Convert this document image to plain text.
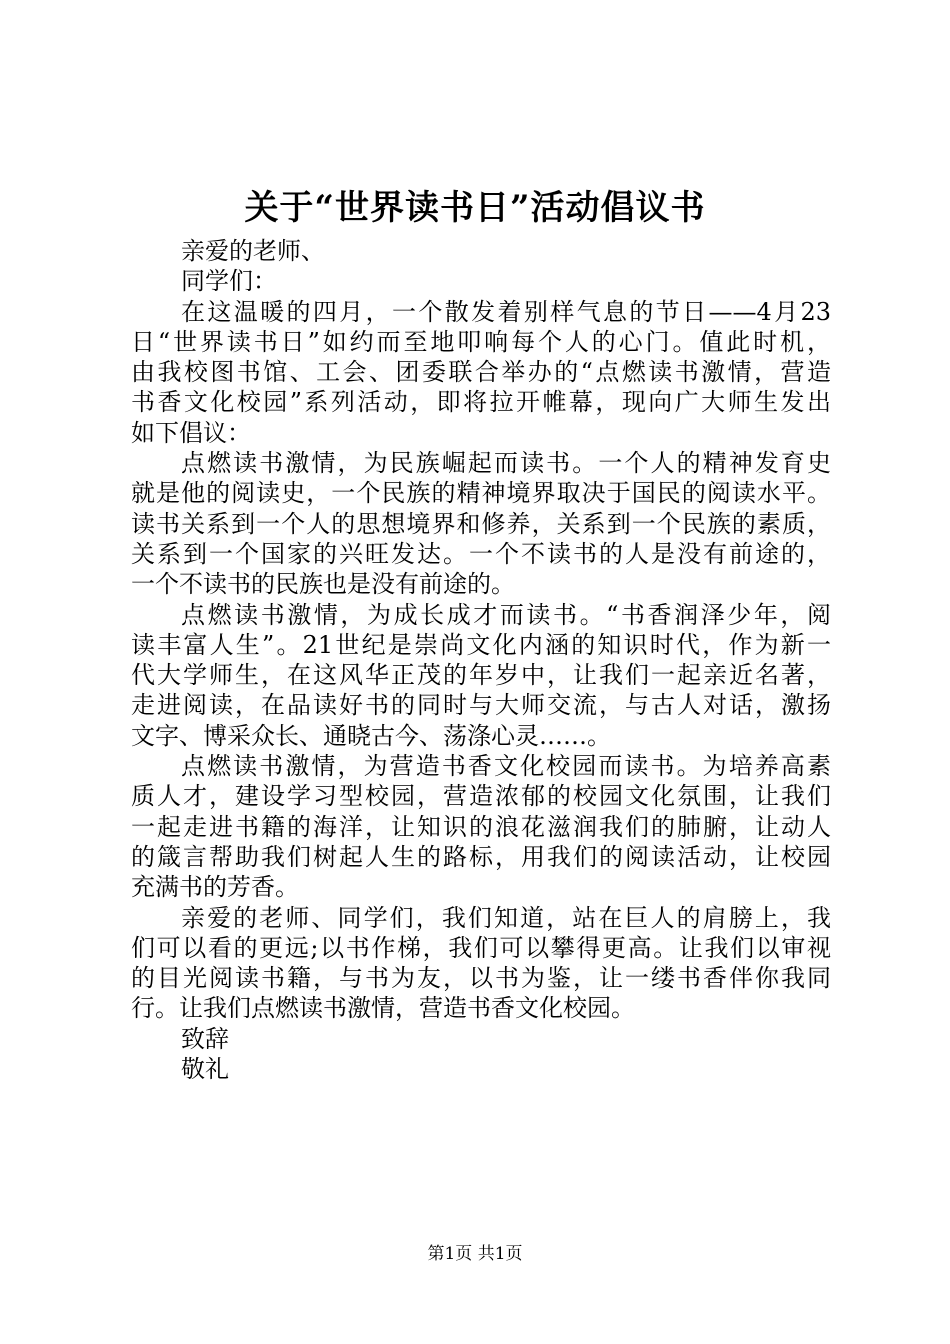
关于“世界读书日”活动倡议书
亲爱的老师、
同学们：
在这温暖的四月，一个散发着别样气息的节日——4月23
日“世界读书日”如约而至地叩响每个人的心门。值此时机，
由我校图书馆、工会、团委联合举办的“点燃读书激情，营造
书香文化校园”系列活动，即将拉开帷幕，现向广大师生发出
如下倡议：
点燃读书激情，为民族崛起而读书。一个人的精神发育史
就是他的阅读史，一个民族的精神境界取决于国民的阅读水平。
读书关系到一个人的思想境界和修养，关系到一个民族的素质，
关系到一个国家的兴旺发达。一个不读书的人是没有前途的，
一个不读书的民族也是没有前途的。
点燃读书激情，为成长成才而读书。“书香润泽少年，阅
读丰富人生”。21世纪是崇尚文化内涵的知识时代，作为新一
代大学师生，在这风华正茂的年岁中，让我们一起亲近名著，
走进阅读，在品读好书的同时与大师交流，与古人对话，激扬
文字、博采众长、通晓古今、荡涤心灵……。
点燃读书激情，为营造书香文化校园而读书。为培养高素
质人才，建设学习型校园，营造浓郁的校园文化氛围，让我们
一起走进书籍的海洋，让知识的浪花滋润我们的肺腑，让动人
的箴言帮助我们树起人生的路标，用我们的阅读活动，让校园
充满书的芳香。
亲爱的老师、同学们，我们知道，站在巨人的肩膀上，我
们可以看的更远;以书作梯，我们可以攀得更高。让我们以审视
的目光阅读书籍，与书为友，以书为鉴，让一缕书香伴你我同
行。让我们点燃读书激情，营造书香文化校园。
致辞
敬礼
第1页 共1页
